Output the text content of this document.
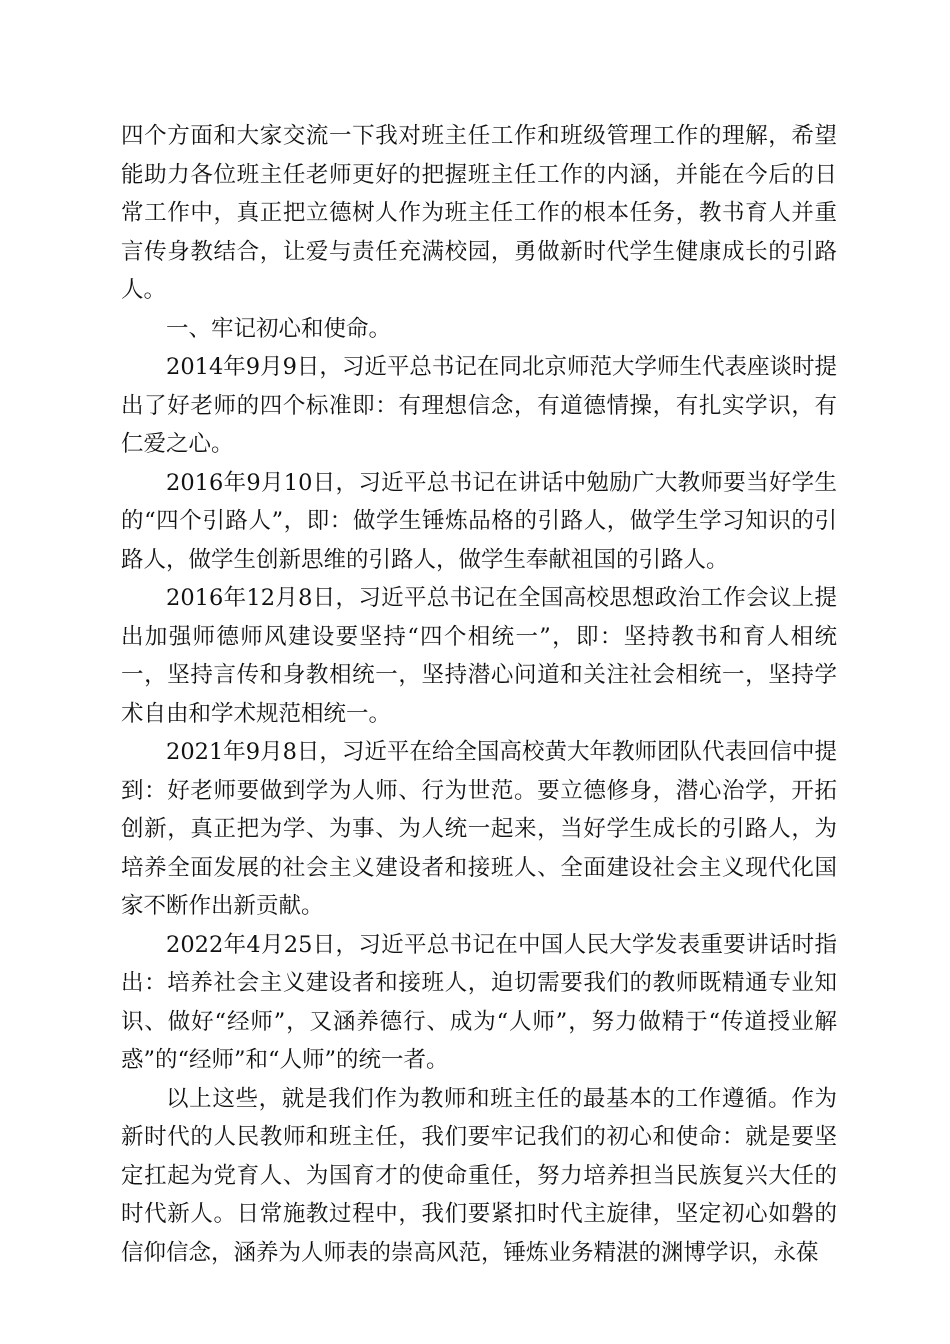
四个方面和大家交流一下我对班主任工作和班级管理工作的理解，希望能助力各位班主任老师更好的把握班主任工作的内涵，并能在今后的日常工作中，真正把立德树人作为班主任工作的根本任务，教书育人并重言传身教结合，让爱与责任充满校园，勇做新时代学生健康成长的引路人。

一、牢记初心和使命。

2014年9月9日，习近平总书记在同北京师范大学师生代表座谈时提出了好老师的四个标准即：有理想信念，有道德情操，有扎实学识，有仁爱之心。

2016年9月10日，习近平总书记在讲话中勉励广大教师要当好学生的“四个引路人”，即：做学生锤炼品格的引路人，做学生学习知识的引路人，做学生创新思维的引路人，做学生奉献祖国的引路人。

2016年12月8日，习近平总书记在全国高校思想政治工作会议上提出加强师德师风建设要坚持“四个相统一”，即：坚持教书和育人相统一，坚持言传和身教相统一，坚持潜心问道和关注社会相统一，坚持学术自由和学术规范相统一。

2021年9月8日，习近平在给全国高校黄大年教师团队代表回信中提到：好老师要做到学为人师、行为世范。要立德修身，潜心治学，开拓创新，真正把为学、为事、为人统一起来，当好学生成长的引路人，为培养全面发展的社会主义建设者和接班人、全面建设社会主义现代化国家不断作出新贡献。

2022年4月25日，习近平总书记在中国人民大学发表重要讲话时指出：培养社会主义建设者和接班人，迫切需要我们的教师既精通专业知识、做好“经师”，又涵养德行、成为“人师”，努力做精于“传道授业解惑”的“经师”和“人师”的统一者。

以上这些，就是我们作为教师和班主任的最基本的工作遵循。作为新时代的人民教师和班主任，我们要牢记我们的初心和使命：就是要坚定扛起为党育人、为国育才的使命重任，努力培养担当民族复兴大任的时代新人。日常施教过程中，我们要紧扣时代主旋律，坚定初心如磐的信仰信念，涵养为人师表的崇高风范，锤炼业务精湛的渊博学识，永葆
